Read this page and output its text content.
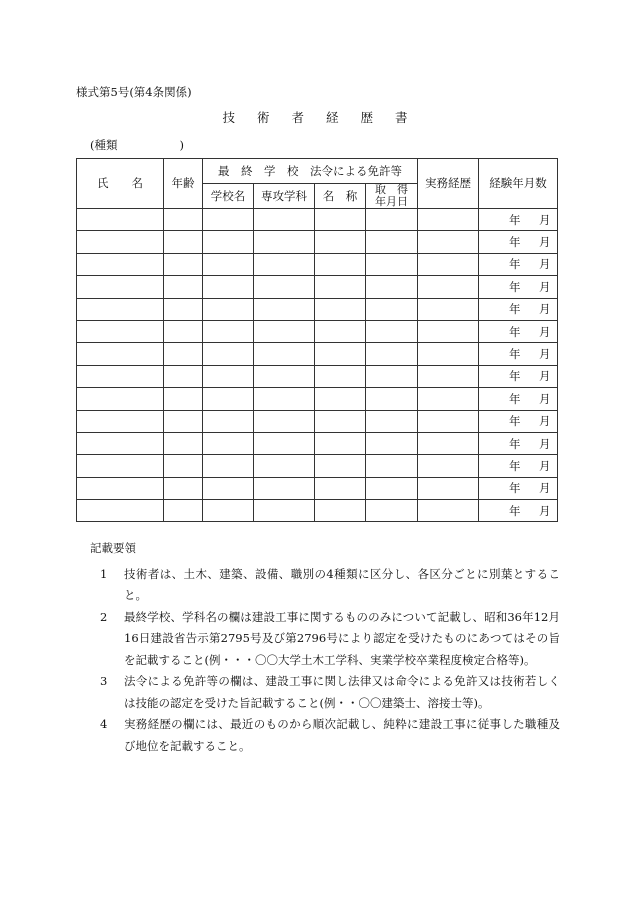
様式第5号(第4条関係)
技 術 者 経 歴 書
(種類	)
氏　　名	年齢	最　終　学　校　法令による免許等				実務経歴	経験年月数
		学校名	専攻学科	名　称	取　得
年月日		

							年 月

							年 月

							年 月

							年 月

							年 月

							年 月

							年 月

							年 月

							年 月

							年 月

							年 月

							年 月

							年 月

							年 月
記載要領
1	技術者は、土木、建築、設備、職別の4種類に区分し、各区分ごとに別葉とすること。
2	最終学校、学科名の欄は建設工事に関するもののみについて記載し、昭和36年12月16日建設省告示第2795号及び第2796号により認定を受けたものにあつてはその旨を記載すること(例・・・〇〇大学土木工学科、実業学校卒業程度検定合格等)。
3	法令による免許等の欄は、建設工事に関し法律又は命令による免許又は技術若しくは技能の認定を受けた旨記載すること(例・・〇〇建築士、溶接士等)。
4	実務経歴の欄には、最近のものから順次記載し、純粋に建設工事に従事した職種及び地位を記載すること。
